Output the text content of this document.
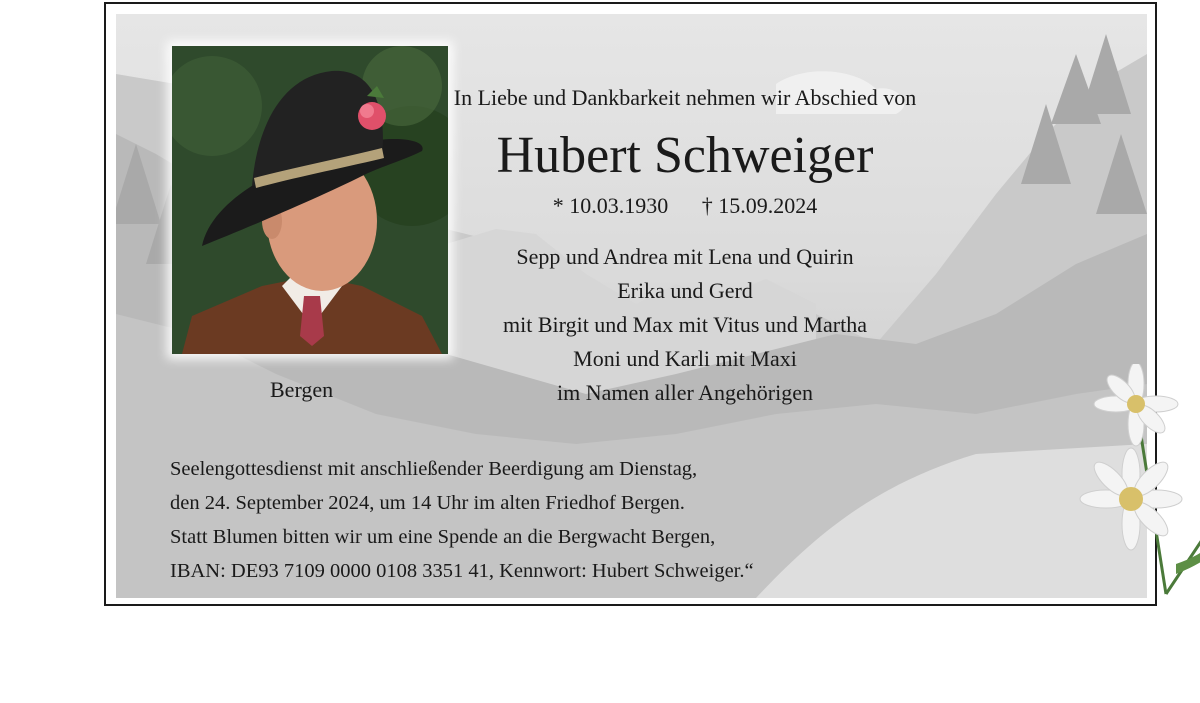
In Liebe und Dankbarkeit nehmen wir Abschied von
Hubert Schweiger
* 10.03.1930 † 15.09.2024
Sepp und Andrea mit Lena und Quirin
Erika und Gerd
mit Birgit und Max mit Vitus und Martha
Moni und Karli mit Maxi
im Namen aller Angehörigen
Bergen
Seelengottesdienst mit anschließender Beerdigung am Dienstag,
den 24. September 2024, um 14 Uhr im alten Friedhof Bergen.
Statt Blumen bitten wir um eine Spende an die Bergwacht Bergen,
IBAN: DE93 7109 0000 0108 3351 41, Kennwort: Hubert Schweiger.“
